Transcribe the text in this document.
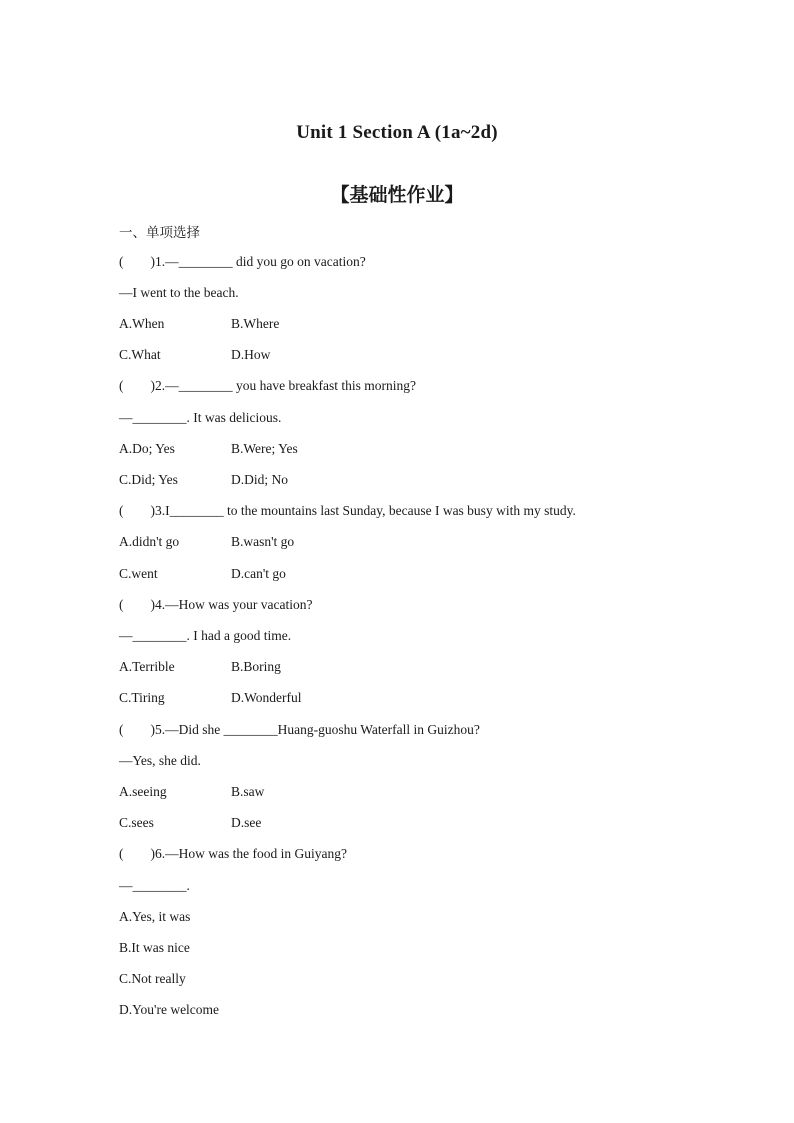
Unit 1 Section A (1a~2d)
【基础性作业】
一、单项选择
(        )1.—________ did you go on vacation?
—I went to the beach.
A.When	B.Where
C.What	D.How
(        )2.—________ you have breakfast this morning?
—________. It was delicious.
A.Do; Yes	B.Were; Yes
C.Did; Yes	D.Did; No
(        )3.I________ to the mountains last Sunday, because I was busy with my study.
A.didn't go	B.wasn't go
C.went	D.can't go
(        )4.—How was your vacation?
—________. I had a good time.
A.Terrible	B.Boring
C.Tiring	D.Wonderful
(        )5.—Did she ________Huang-guoshu Waterfall in Guizhou?
—Yes, she did.
A.seeing	B.saw
C.sees	D.see
(        )6.—How was the food in Guiyang?
—________.
A.Yes, it was
B.It was nice
C.Not really
D.You're welcome
